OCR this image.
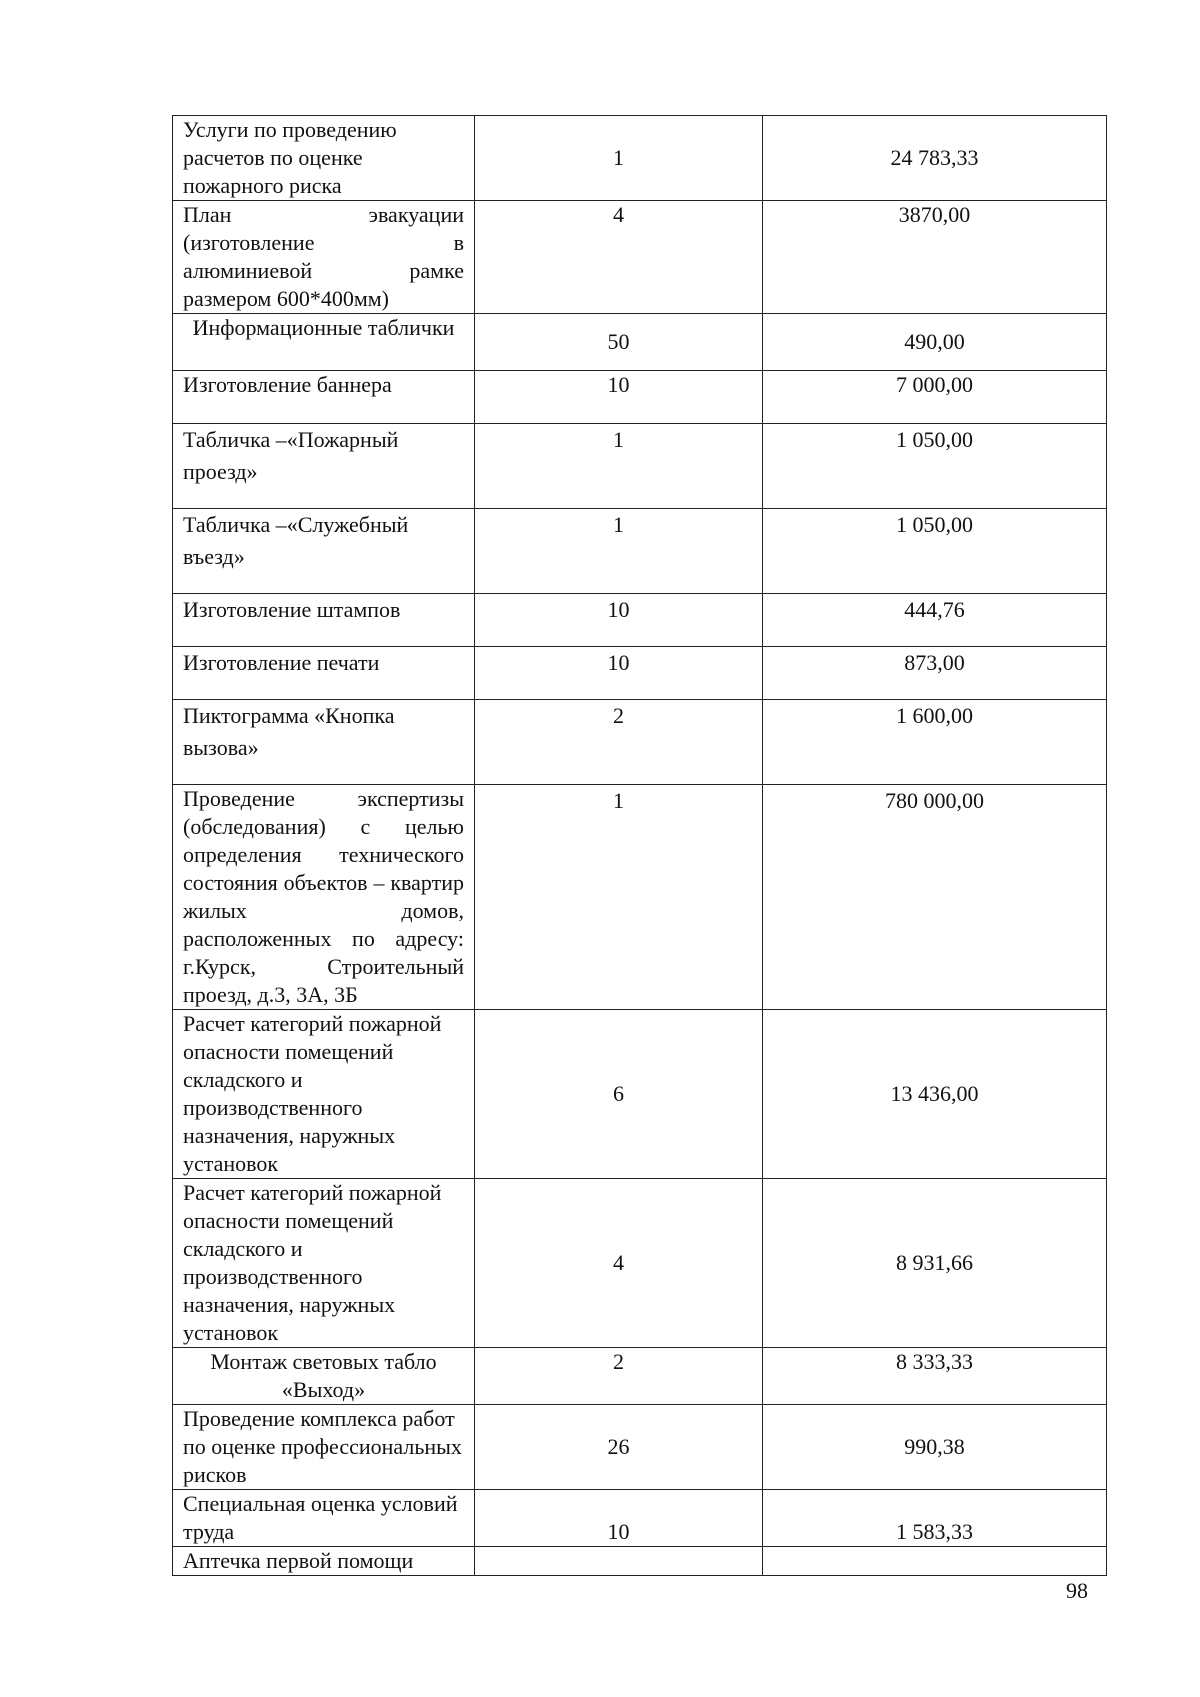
Услуги по проведению расчетов по оценке пожарного риска	1	24 783,33
План эвакуации (изготовление в алюминиевой рамке размером 600*400мм)	4	3870,00
Информационные таблички	50	490,00
Изготовление баннера	10	7 000,00
Табличка –«Пожарный проезд»	1	1 050,00
Табличка –«Служебный въезд»	1	1 050,00
Изготовление штампов	10	444,76
Изготовление печати	10	873,00
Пиктограмма «Кнопка вызова»	2	1 600,00
Проведение экспертизы (обследования) с целью определения технического состояния объектов – квартир жилых домов, расположенных по адресу: г.Курск, Строительный проезд, д.3, 3А, 3Б	1	780 000,00
Расчет категорий пожарной опасности помещений складского и производственного назначения, наружных установок	6	13 436,00
Расчет категорий пожарной опасности помещений складского и производственного назначения, наружных установок	4	8 931,66
Монтаж световых табло «Выход»	2	8 333,33
Проведение комплекса работ по оценке профессиональных рисков	26	990,38
Специальная оценка условий труда	10	1 583,33
Аптечка первой помощи		
98
